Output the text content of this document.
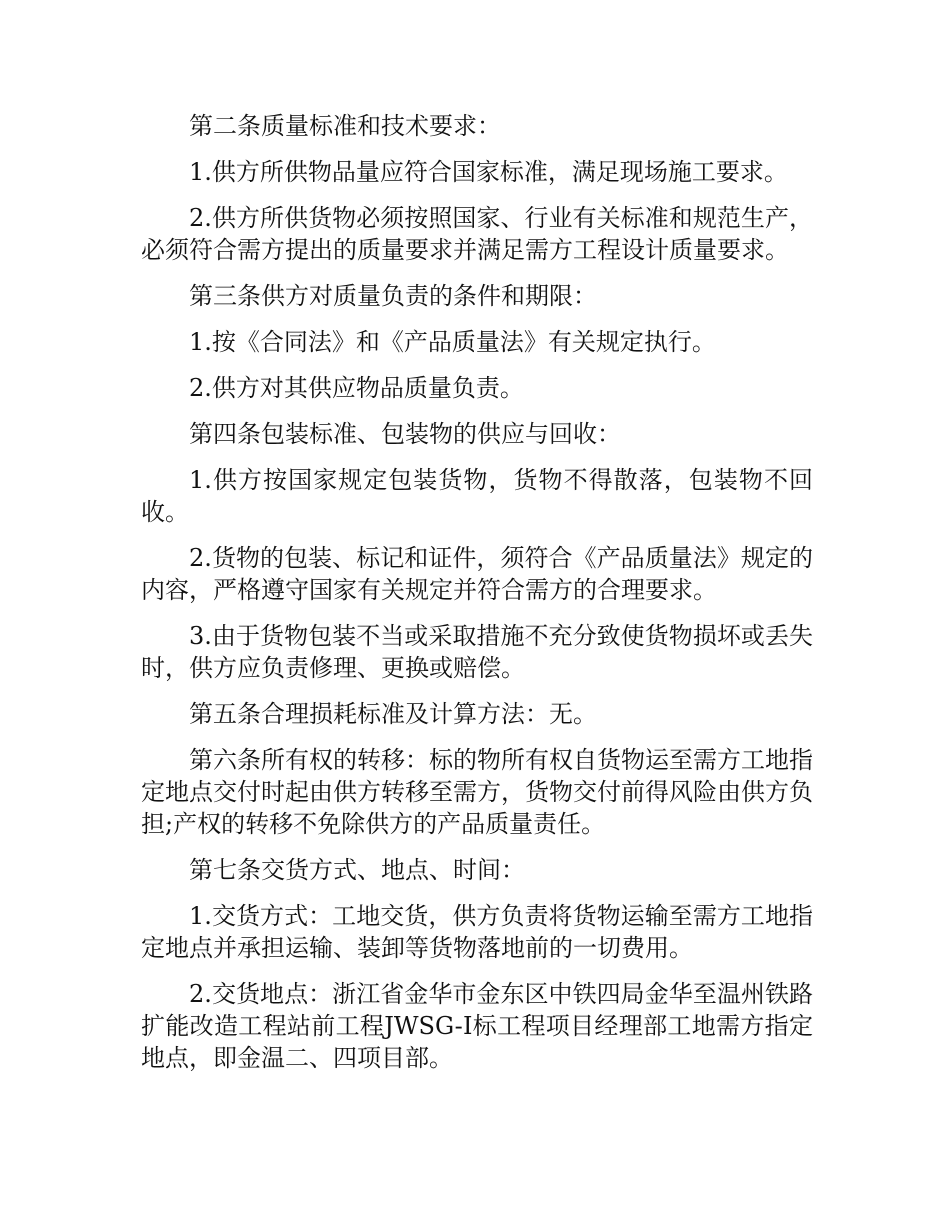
第二条质量标准和技术要求：

1.供方所供物品量应符合国家标准，满足现场施工要求。

2.供方所供货物必须按照国家、行业有关标准和规范生产，必须符合需方提出的质量要求并满足需方工程设计质量要求。

第三条供方对质量负责的条件和期限：

1.按《合同法》和《产品质量法》有关规定执行。

2.供方对其供应物品质量负责。

第四条包装标准、包装物的供应与回收：

1.供方按国家规定包装货物，货物不得散落，包装物不回收。

2.货物的包装、标记和证件，须符合《产品质量法》规定的内容，严格遵守国家有关规定并符合需方的合理要求。

3.由于货物包装不当或采取措施不充分致使货物损坏或丢失时，供方应负责修理、更换或赔偿。

第五条合理损耗标准及计算方法：无。

第六条所有权的转移：标的物所有权自货物运至需方工地指定地点交付时起由供方转移至需方，货物交付前得风险由供方负担;产权的转移不免除供方的产品质量责任。

第七条交货方式、地点、时间：

1.交货方式：工地交货，供方负责将货物运输至需方工地指定地点并承担运输、装卸等货物落地前的一切费用。

2.交货地点：浙江省金华市金东区中铁四局金华至温州铁路扩能改造工程站前工程JWSG-Ⅰ标工程项目经理部工地需方指定地点，即金温二、四项目部。
